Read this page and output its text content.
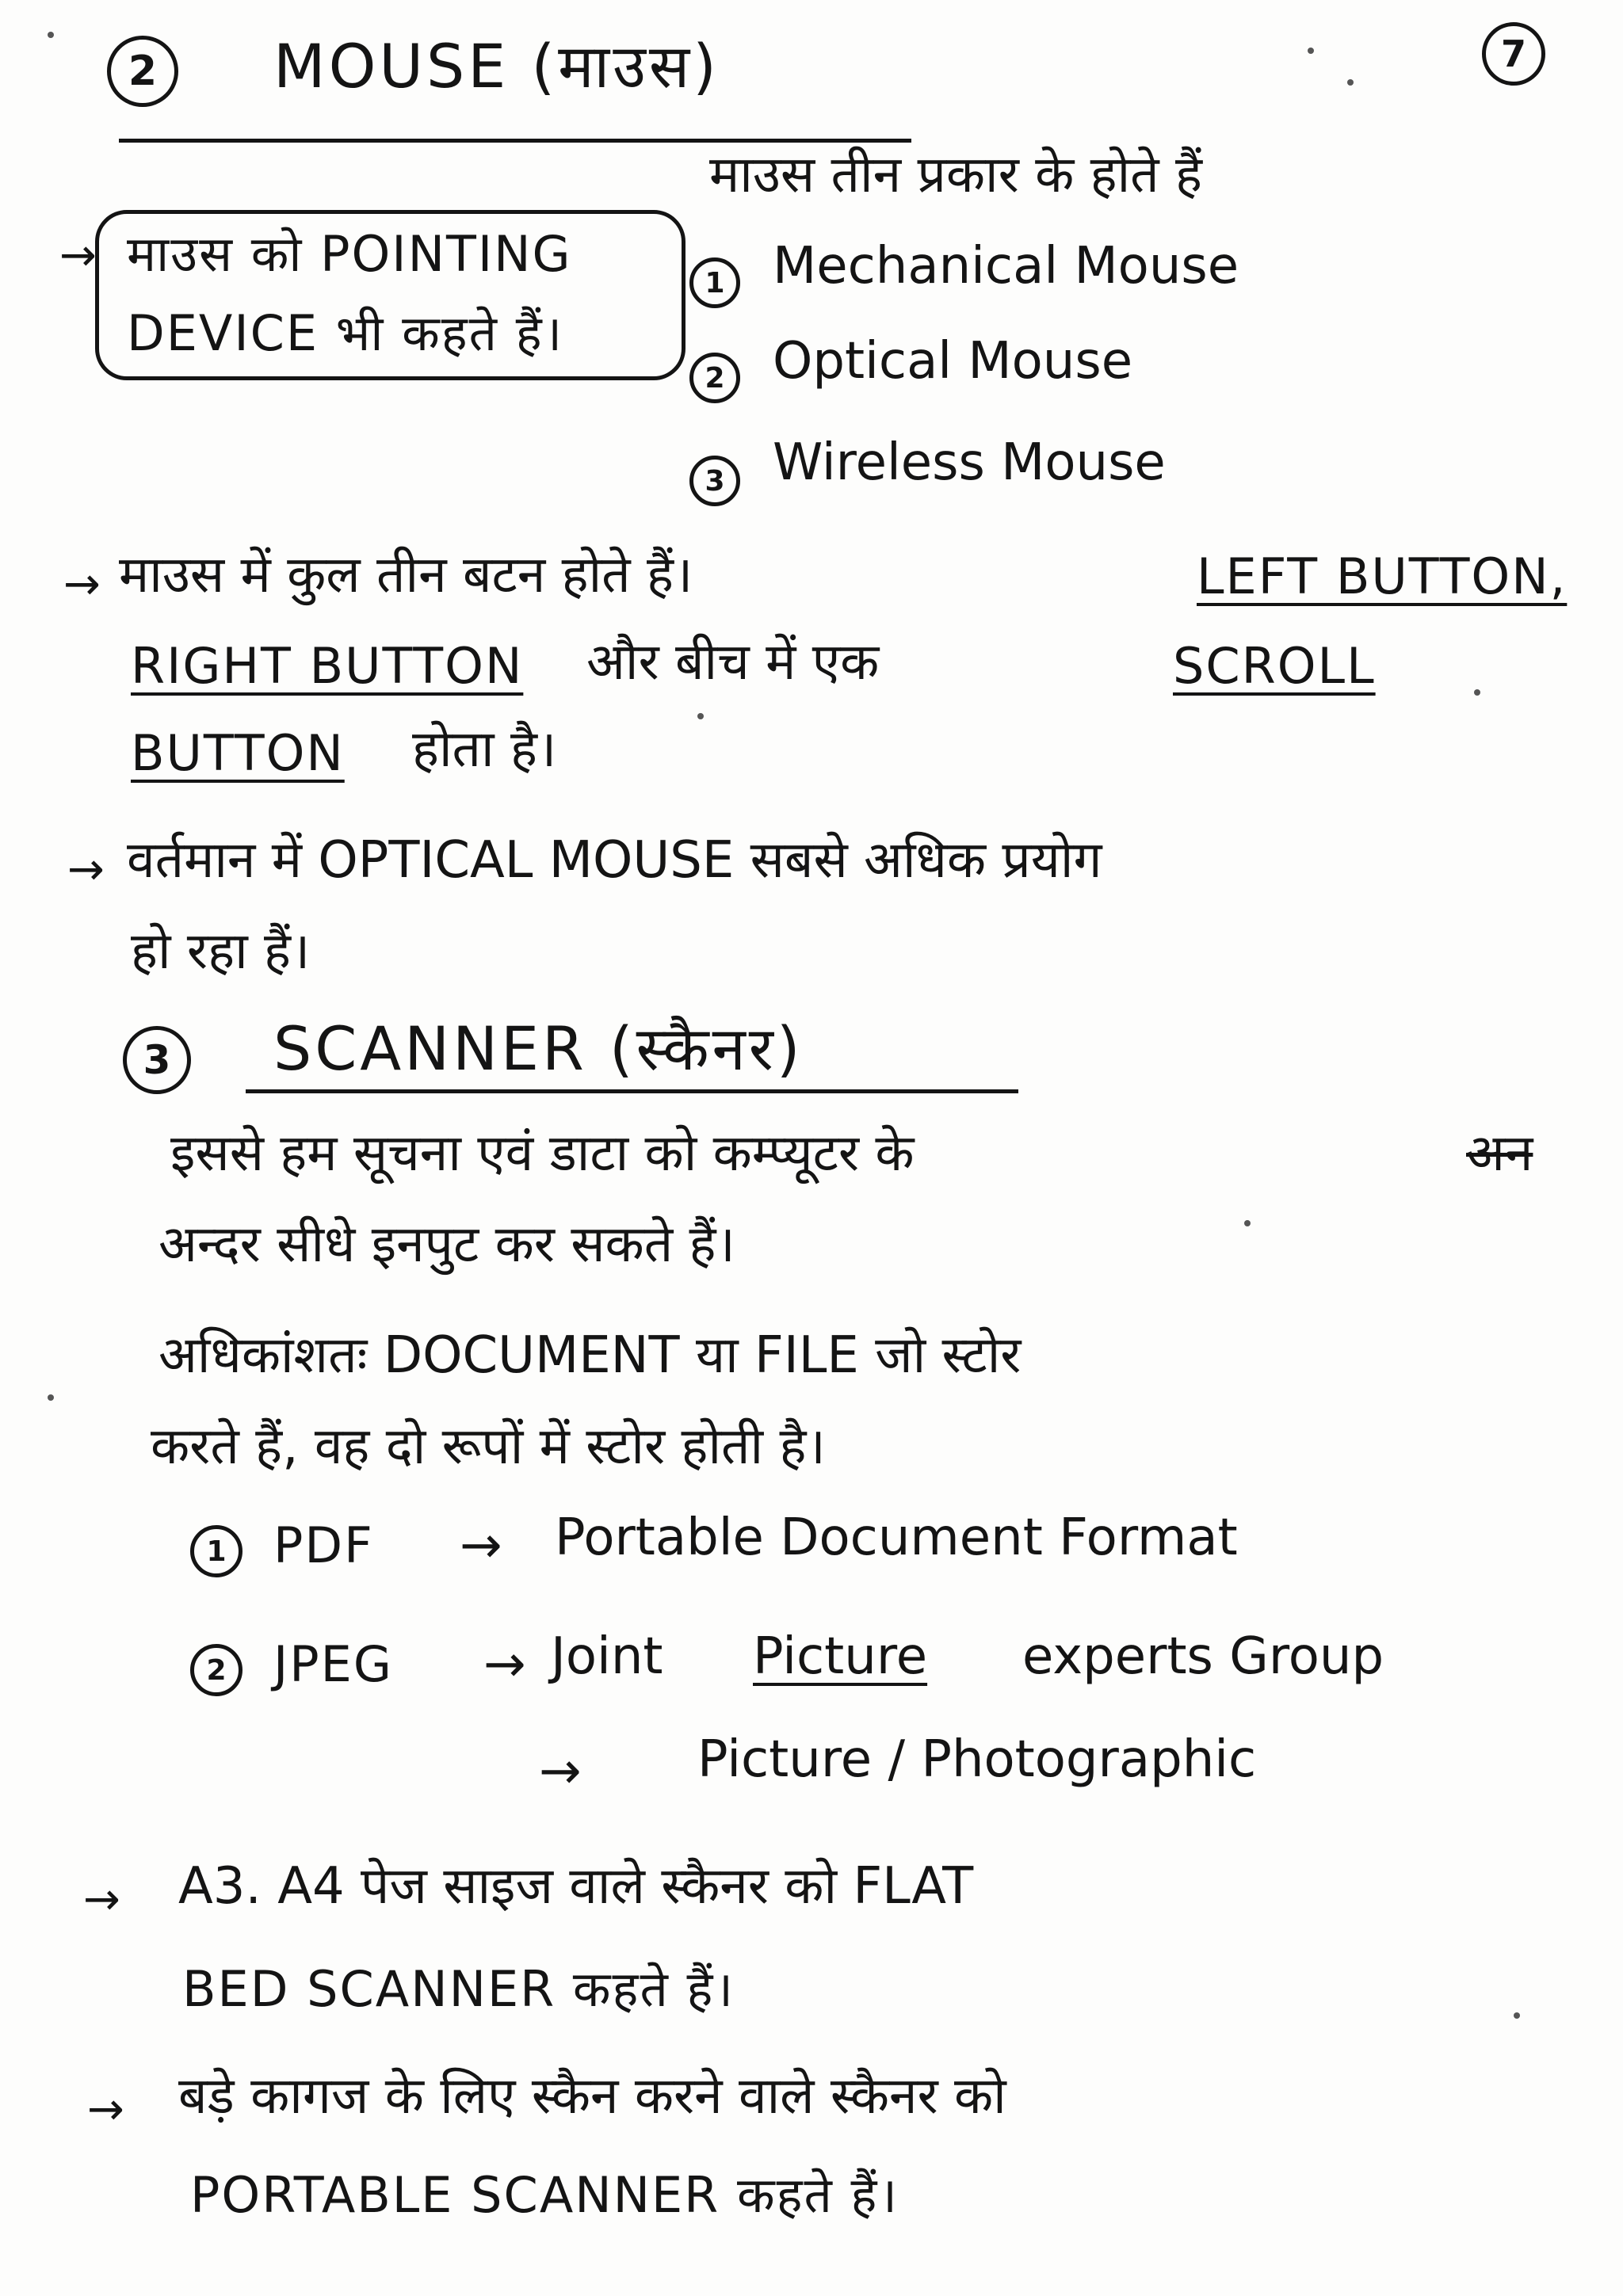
7
2	MOUSE (माउस)
माउस तीन प्रकार के होते हैं
→ माउस को POINTING
DEVICE भी कहते हैं।
1 Mechanical Mouse
2 Optical Mouse
3 Wireless Mouse
→ माउस में कुल तीन बटन होते हैं।	LEFT BUTTON,
RIGHT BUTTON और बीच में एक	SCROLL
BUTTON होता है।
→ वर्तमान में OPTICAL MOUSE सबसे अधिक प्रयोग
हो रहा हैं।
3	SCANNER (स्कैनर)
इससे हम सूचना एवं डाटा को कम्प्यूटर के	अन
अन्दर सीधे इनपुट कर सकते हैं।
अधिकांशतः DOCUMENT या FILE जो स्टोर
करते हैं, वह दो रूपों में स्टोर होती है।
1 PDF → Portable Document Format
2 JPEG → Joint Picture experts Group
→ Picture / Photographic
→ A3. A4 पेज साइज वाले स्कैनर को FLAT
BED SCANNER कहते हैं।
→ बड़े कागज के लिए स्कैन करने वाले स्कैनर को
PORTABLE SCANNER कहते हैं।
